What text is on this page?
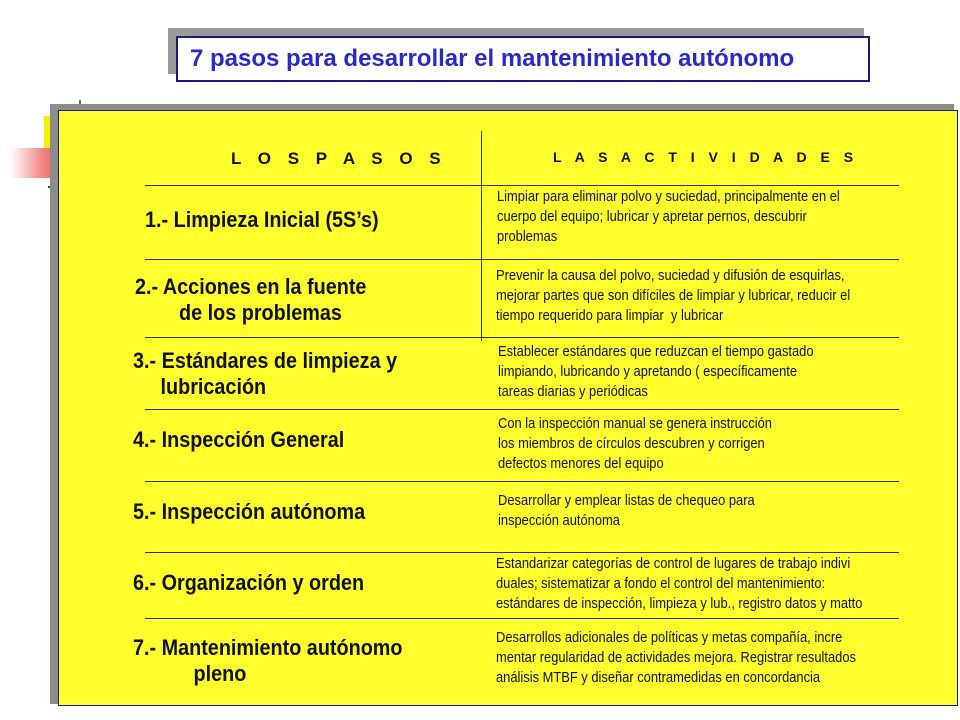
7 pasos para desarrollar el mantenimiento autónomo
L O S P A S O S	L A S A C T I V I D A D E S
1.- Limpieza Inicial (5S’s)
Limpiar para eliminar polvo y suciedad, principalmente en el
cuerpo del equipo; lubricar y apretar pernos, descubrir
problemas
2.- Acciones en la fuente
de los problemas
Prevenir la causa del polvo, suciedad y difusión de esquirlas,
mejorar partes que son difíciles de limpiar y lubricar, reducir el
tiempo requerido para limpiar  y lubricar
3.- Estándares de limpieza y
lubricación
Establecer estándares que reduzcan el tiempo gastado
limpiando, lubricando y apretando ( específicamente
tareas diarias y periódicas
4.- Inspección General
Con la inspección manual se genera instrucción
los miembros de círculos descubren y corrigen
defectos menores del equipo
5.- Inspección autónoma	Desarrollar y emplear listas de chequeo para
inspección autónoma
6.- Organización y orden
Estandarizar categorías de control de lugares de trabajo indivi
duales; sistematizar a fondo el control del mantenimiento:
estándares de inspección, limpieza y lub., registro datos y matto
7.- Mantenimiento autónomo
pleno
Desarrollos adicionales de políticas y metas compañía, incre
mentar regularidad de actividades mejora. Registrar resultados
análisis MTBF y diseñar contramedidas en concordancia
